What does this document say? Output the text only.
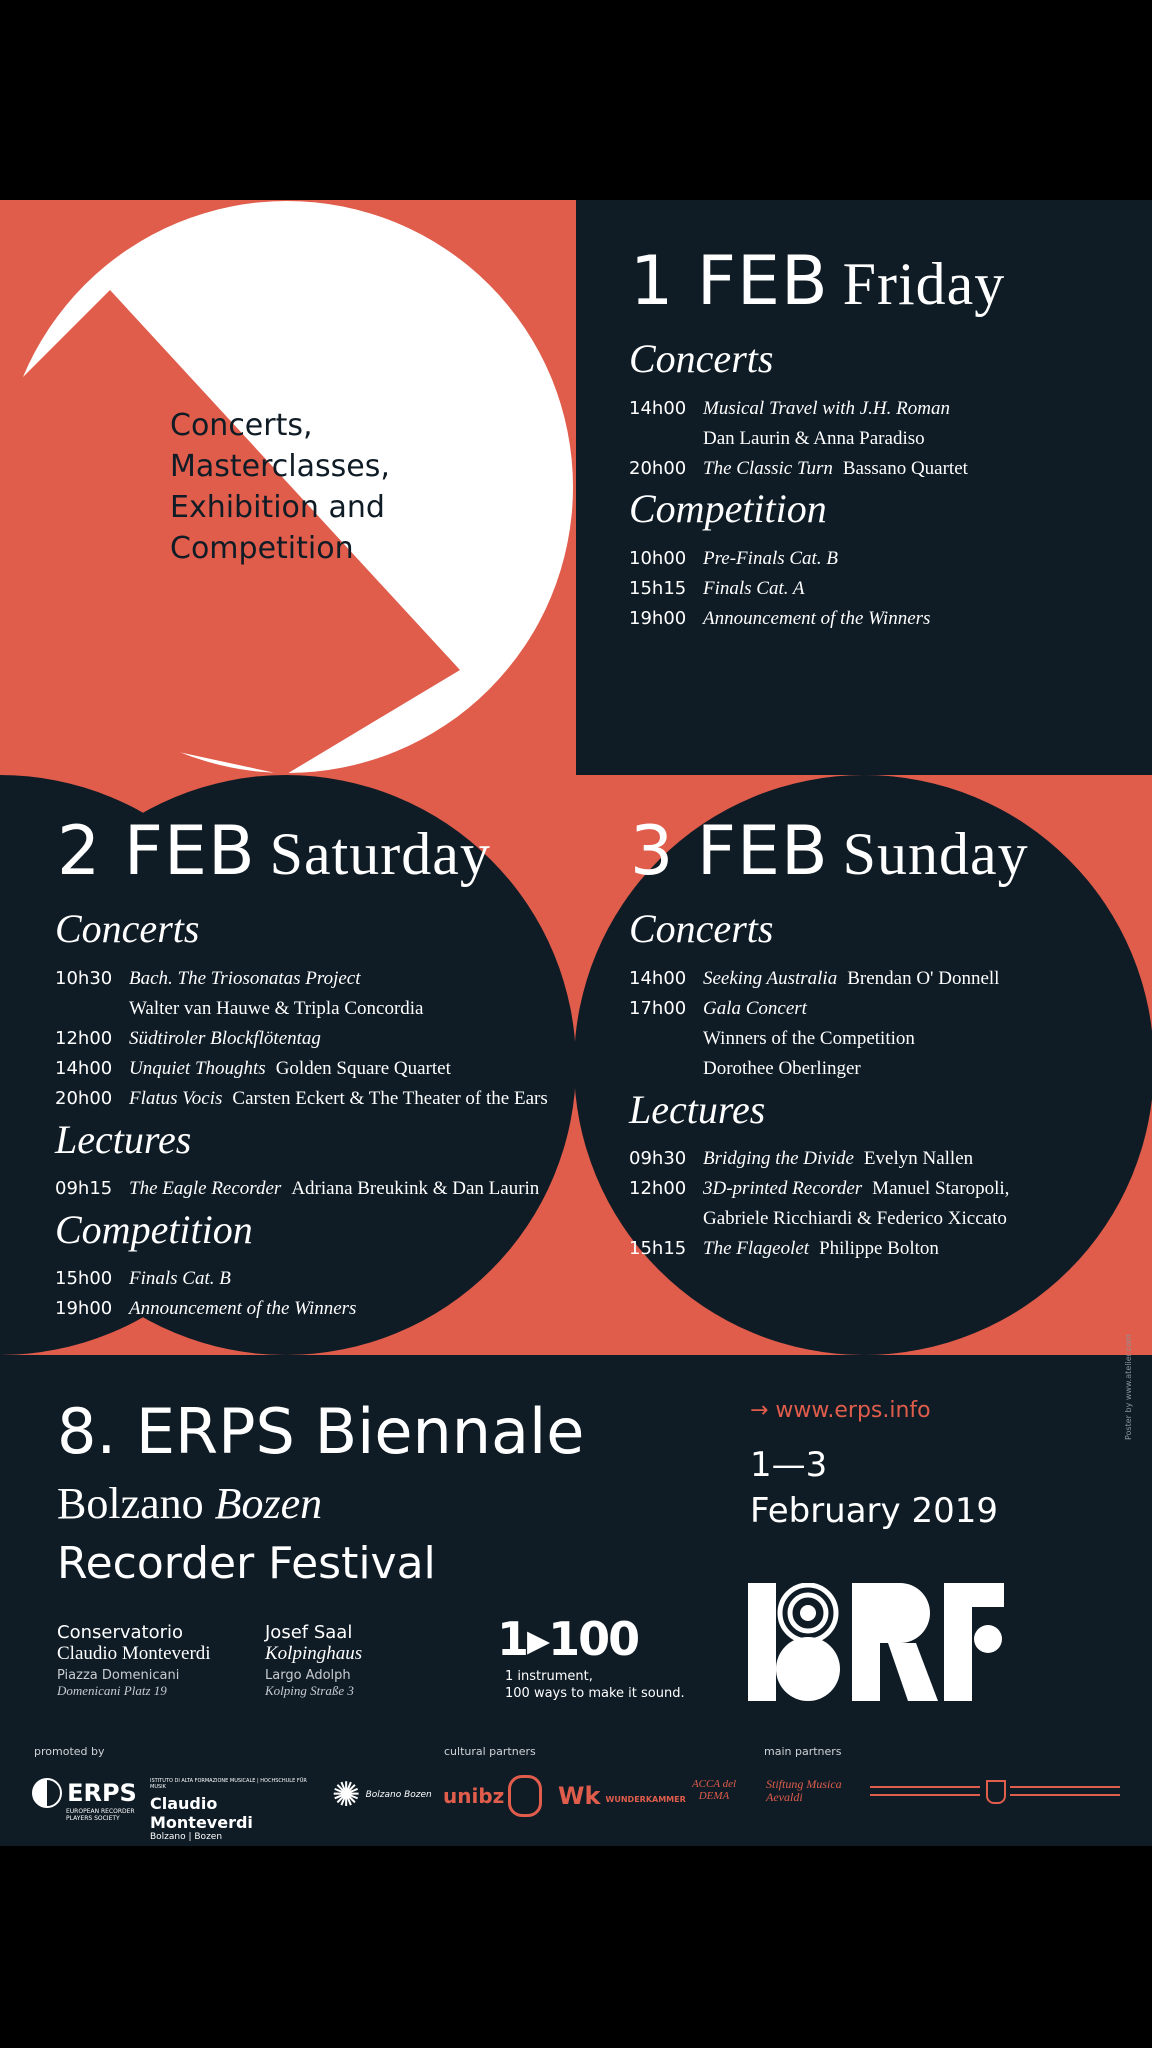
Concerts,
Masterclasses,
Exhibition and
Competition
1 FEB Friday
Concerts
14h00 Musical Travel with J.H. Roman
Dan Laurin & Anna Paradiso
20h00 The Classic Turn Bassano Quartet
Competition
10h00 Pre-Finals Cat. B
15h15 Finals Cat. A
19h00 Announcement of the Winners
2 FEB Saturday
Concerts
10h30 Bach. The Triosonatas Project
Walter van Hauwe & Tripla Concordia
12h00 Südtiroler Blockflötentag
14h00 Unquiet Thoughts Golden Square Quartet
20h00 Flatus Vocis Carsten Eckert & The Theater of the Ears
Lectures
09h15 The Eagle Recorder Adriana Breukink & Dan Laurin
Competition
15h00 Finals Cat. B
19h00 Announcement of the Winners
3 FEB Sunday
Concerts
14h00 Seeking Australia Brendan O' Donnell
17h00 Gala Concert
Winners of the Competition
Dorothee Oberlinger
Lectures
09h30 Bridging the Divide Evelyn Nallen
12h00 3D-printed Recorder Manuel Staropoli,
Gabriele Ricchiardi & Federico Xiccato
15h15 The Flageolet Philippe Bolton
8. ERPS Biennale
Bolzano Bozen
Recorder Festival
→ www.erps.info
1—3
February 2019
Poster by www.atelier.com
Conservatorio
Claudio Monteverdi
Piazza Domenicani
Domenicani Platz 19
Josef Saal
Kolpinghaus
Largo Adolph
Kolping Straße 3
1▸100
1 instrument,
100 ways to make it sound.
promoted by	cultural partners	main partners
ERPS
EUROPEAN RECORDER PLAYERS SOCIETY
ISTITUTO DI ALTA FORMAZIONE MUSICALE | HOCHSCHULE FÜR MUSIK
Claudio Monteverdi
Bolzano | Bozen
✺ Bolzano Bozen unibz Wk WUNDERKAMMER
ACCA del DEMA
Stiftung Musica Aevaldi
